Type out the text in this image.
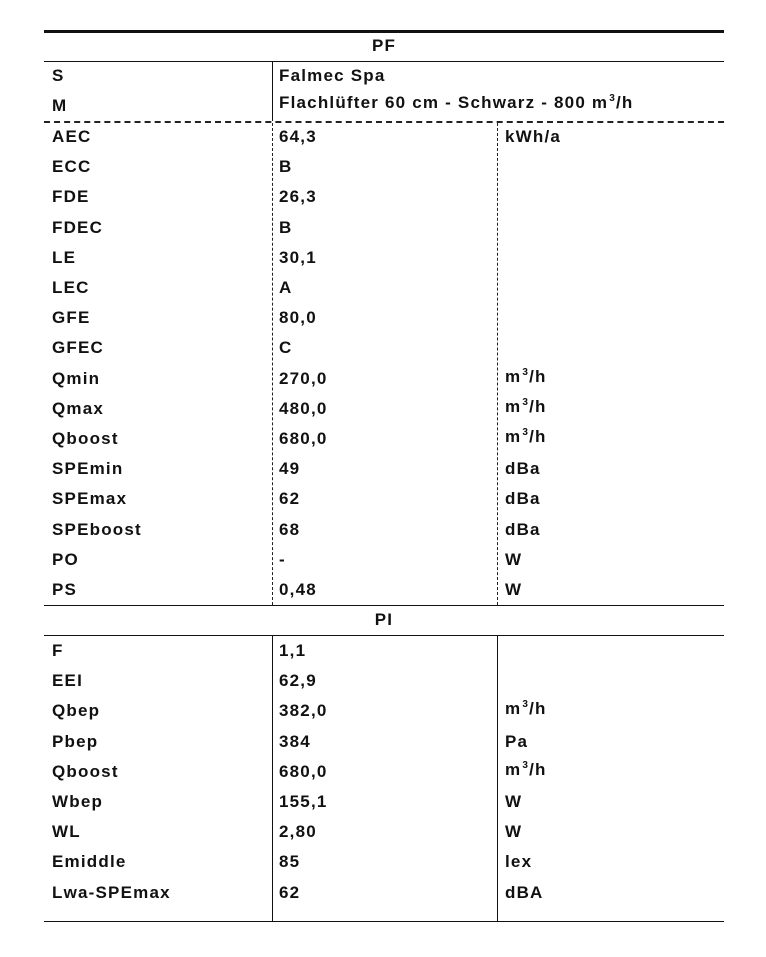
PF
S	Falmec Spa
M	Flachlüfter 60 cm - Schwarz - 800 $m^3/h$
AEC	64,3	kWh/a
ECC	B
FDE	26,3
FDEC	B
LE	30,1
LEC	A
GFE	80,0
GFEC	C
Qmin	270,0	$m^3/h$
Qmax	480,0	$m^3/h$
Qboost	680,0	$m^3/h$
SPEmin	49	dBa
SPEmax	62	dBa
SPEboost	68	dBa
PO	-	W
PS	0,48	W
PI
F	1,1
EEI	62,9
Qbep	382,0	$m^3/h$
Pbep	384	Pa
Qboost	680,0	$m^3/h$
Wbep	155,1	W
WL	2,80	W
Emiddle	85	lex
Lwa-SPEmax	62	dBA
